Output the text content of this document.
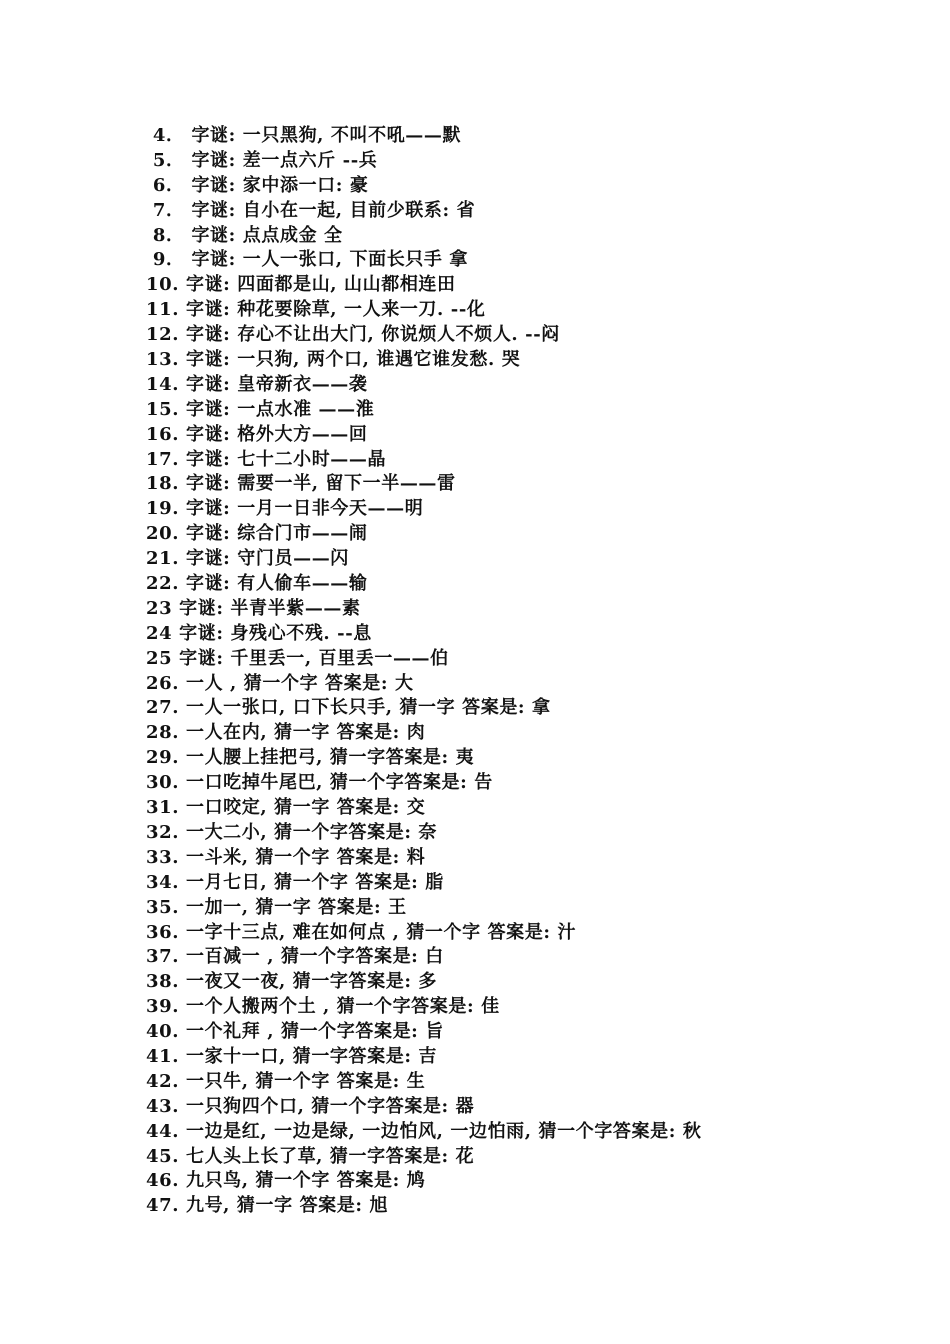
4． 字谜: 一只黑狗, 不叫不吼——默
5． 字谜: 差一点六斤 --兵
6． 字谜: 家中添一口: 豪
7． 字谜: 自小在一起, 目前少联系: 省
8． 字谜: 点点成金 全
9． 字谜: 一人一张口, 下面长只手 拿
10. 字谜: 四面都是山, 山山都相连田
11. 字谜: 种花要除草, 一人来一刀. --化
12. 字谜: 存心不让出大门, 你说烦人不烦人. --闷
13. 字谜: 一只狗, 两个口, 谁遇它谁发愁. 哭
14. 字谜: 皇帝新衣——袭
15. 字谜: 一点水准 ——淮
16. 字谜: 格外大方——回
17. 字谜: 七十二小时——晶
18. 字谜: 需要一半, 留下一半——雷
19. 字谜: 一月一日非今天——明
20. 字谜: 综合门市——闹
21. 字谜: 守门员——闪
22. 字谜: 有人偷车——输
23 字谜: 半青半紫——素
24 字谜: 身残心不残. --息
25 字谜: 千里丢一, 百里丢一——伯
26. 一人 , 猜一个字 答案是: 大
27. 一人一张口, 口下长只手, 猜一字 答案是: 拿
28. 一人在内, 猜一字 答案是: 肉
29. 一人腰上挂把弓, 猜一字答案是: 夷
30. 一口吃掉牛尾巴, 猜一个字答案是: 告
31. 一口咬定, 猜一字 答案是: 交
32. 一大二小, 猜一个字答案是: 奈
33. 一斗米, 猜一个字 答案是: 料
34. 一月七日, 猜一个字 答案是: 脂
35. 一加一, 猜一字 答案是: 王
36. 一字十三点, 难在如何点 , 猜一个字 答案是: 汁
37. 一百减一 , 猜一个字答案是: 白
38. 一夜又一夜, 猜一字答案是: 多
39. 一个人搬两个土 , 猜一个字答案是: 佳
40. 一个礼拜 , 猜一个字答案是: 旨
41. 一家十一口, 猜一字答案是: 吉
42. 一只牛, 猜一个字 答案是: 生
43. 一只狗四个口, 猜一个字答案是: 器
44. 一边是红, 一边是绿, 一边怕风, 一边怕雨, 猜一个字答案是: 秋
45. 七人头上长了草, 猜一字答案是: 花
46. 九只鸟, 猜一个字 答案是: 鸠
47. 九号, 猜一字 答案是: 旭
